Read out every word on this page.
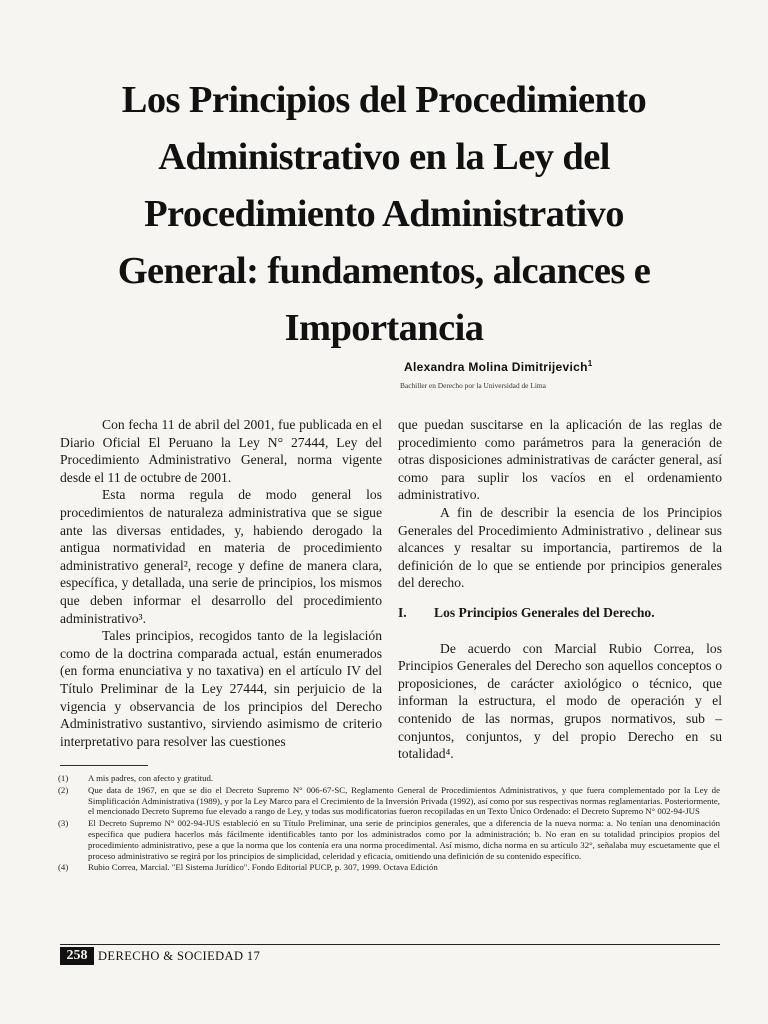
Los Principios del Procedimiento
Administrativo en la Ley del
Procedimiento Administrativo
General: fundamentos, alcances e
Importancia
Alexandra Molina Dimitrijevich$^1$
Bachiller en Derecho por la Universidad de Lima

Con fecha 11 de abril del 2001, fue publicada en el Diario Oficial El Peruano la Ley N° 27444, Ley del Procedimiento Administrativo General, norma vigente desde el 11 de octubre de 2001.

Esta norma regula de modo general los procedimientos de naturaleza administrativa que se sigue ante las diversas entidades, y, habiendo derogado la antigua normatividad en materia de procedimiento administrativo general², recoge y define de manera clara, específica, y detallada, una serie de principios, los mismos que deben informar el desarrollo del procedimiento administrativo³.

Tales principios, recogidos tanto de la legislación como de la doctrina comparada actual, están enumerados (en forma enunciativa y no taxativa) en el artículo IV del Título Preliminar de la Ley 27444, sin perjuicio de la vigencia y observancia de los principios del Derecho Administrativo sustantivo, sirviendo asimismo de criterio interpretativo para resolver las cuestiones

que puedan suscitarse en la aplicación de las reglas de procedimiento como parámetros para la generación de otras disposiciones administrativas de carácter general, así como para suplir los vacíos en el ordenamiento administrativo.

A fin de describir la esencia de los Principios Generales del Procedimiento Administrativo , delinear sus alcances y resaltar su importancia, partiremos de la definición de lo que se entiende por principios generales del derecho.

I.	Los Principios Generales del Derecho.

De acuerdo con Marcial Rubio Correa, los Principios Generales del Derecho son aquellos conceptos o proposiciones, de carácter axiológico o técnico, que informan la estructura, el modo de operación y el contenido de las normas, grupos normativos, sub – conjuntos, conjuntos, y del propio Derecho en su totalidad⁴.

(1)	A mis padres, con afecto y gratitud.
(2)	Que data de 1967, en que se dio el Decreto Supremo N° 006-67-SC, Reglamento General de Procedimientos Administrativos, y que fuera complementado por la Ley de Simplificación Administrativa (1989), y por la Ley Marco para el Crecimiento de la Inversión Privada (1992), así como por sus respectivas normas reglamentarias. Posteriormente, el mencionado Decreto Supremo fue elevado a rango de Ley, y todas sus modificatorias fueron recopiladas en un Texto Único Ordenado: el Decreto Supremo N° 002-94-JUS
(3)	El Decreto Supremo N° 002-94-JUS estableció en su Título Preliminar, una serie de principios generales, que a diferencia de la nueva norma: a. No tenían una denominación específica que pudiera hacerlos más fácilmente identificables tanto por los administrados como por la administración; b. No eran en su totalidad principios propios del procedimiento administrativo, pese a que la norma que los contenía era una norma procedimental. Así mismo, dicha norma en su artículo 32°, señalaba muy escuetamente que el proceso administrativo se regirá por los principios de simplicidad, celeridad y eficacia, omitiendo una definición de su contenido específico.
(4)	Rubio Correa, Marcial. "El Sistema Jurídico". Fondo Editorial PUCP, p. 307, 1999. Octava Edición
258 DERECHO & SOCIEDAD 17
